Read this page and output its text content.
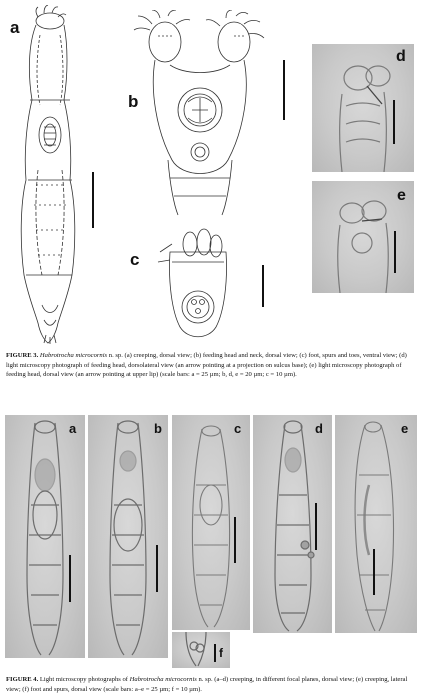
a
b
c
d
e

FIGURE 3. Habrotrocha microcornis n. sp. (a) creeping, dorsal view; (b) feeding head and neck, dorsal view; (c) foot, spurs and toes, ventral view; (d) light microscopy photograph of feeding head, dorsolateral view (an arrow pointing at a projection on sulcus base); (e) light microscopy photograph of feeding head, dorsal view (an arrow pointing at upper lip) (scale bars: a = 25 µm; b, d, e = 20 µm; c = 10 µm).

a	b	c	d	e
f

FIGURE 4. Light microscopy photographs of Habrotrocha microcornis n. sp. (a–d) creeping, in different focal planes, dorsal view; (e) creeping, lateral view; (f) foot and spurs, dorsal view (scale bars: a–e = 25 µm; f = 10 µm).
